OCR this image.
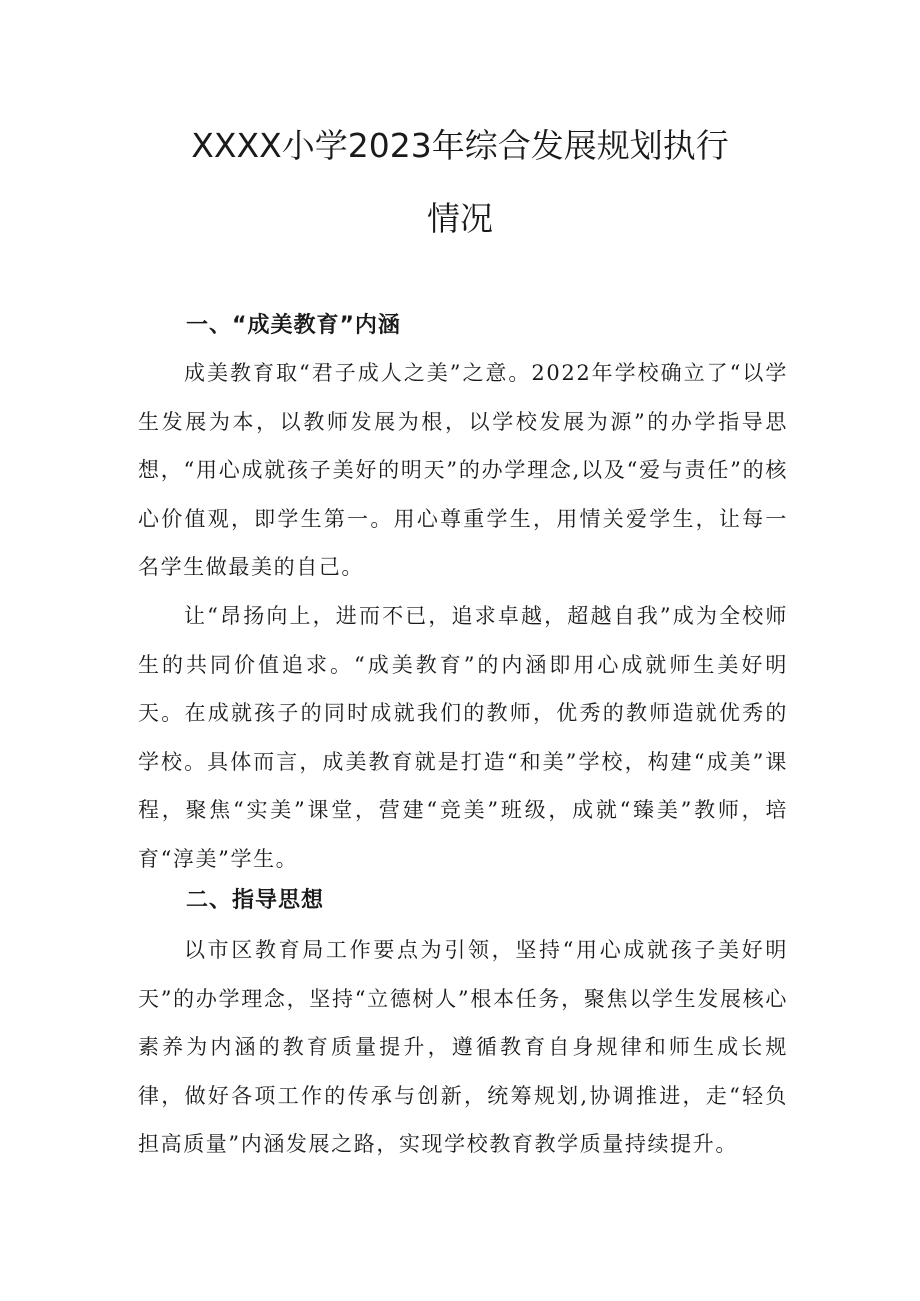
XXXX小学2023年综合发展规划执行
情况
一、“成美教育”内涵

成美教育取“君子成人之美”之意。2022年学校确立了“以学生发展为本，以教师发展为根，以学校发展为源”的办学指导思想，“用心成就孩子美好的明天”的办学理念,以及“爱与责任”的核心价值观，即学生第一。用心尊重学生，用情关爱学生，让每一名学生做最美的自己。

让“昂扬向上，进而不已，追求卓越，超越自我”成为全校师生的共同价值追求。“成美教育”的内涵即用心成就师生美好明天。在成就孩子的同时成就我们的教师，优秀的教师造就优秀的学校。具体而言，成美教育就是打造“和美”学校，构建“成美”课程，聚焦“实美”课堂，营建“竞美”班级，成就“臻美”教师，培育“淳美”学生。

二、指导思想

以市区教育局工作要点为引领，坚持“用心成就孩子美好明天”的办学理念，坚持“立德树人”根本任务，聚焦以学生发展核心素养为内涵的教育质量提升，遵循教育自身规律和师生成长规律，做好各项工作的传承与创新，统筹规划,协调推进，走“轻负担高质量”内涵发展之路，实现学校教育教学质量持续提升。
